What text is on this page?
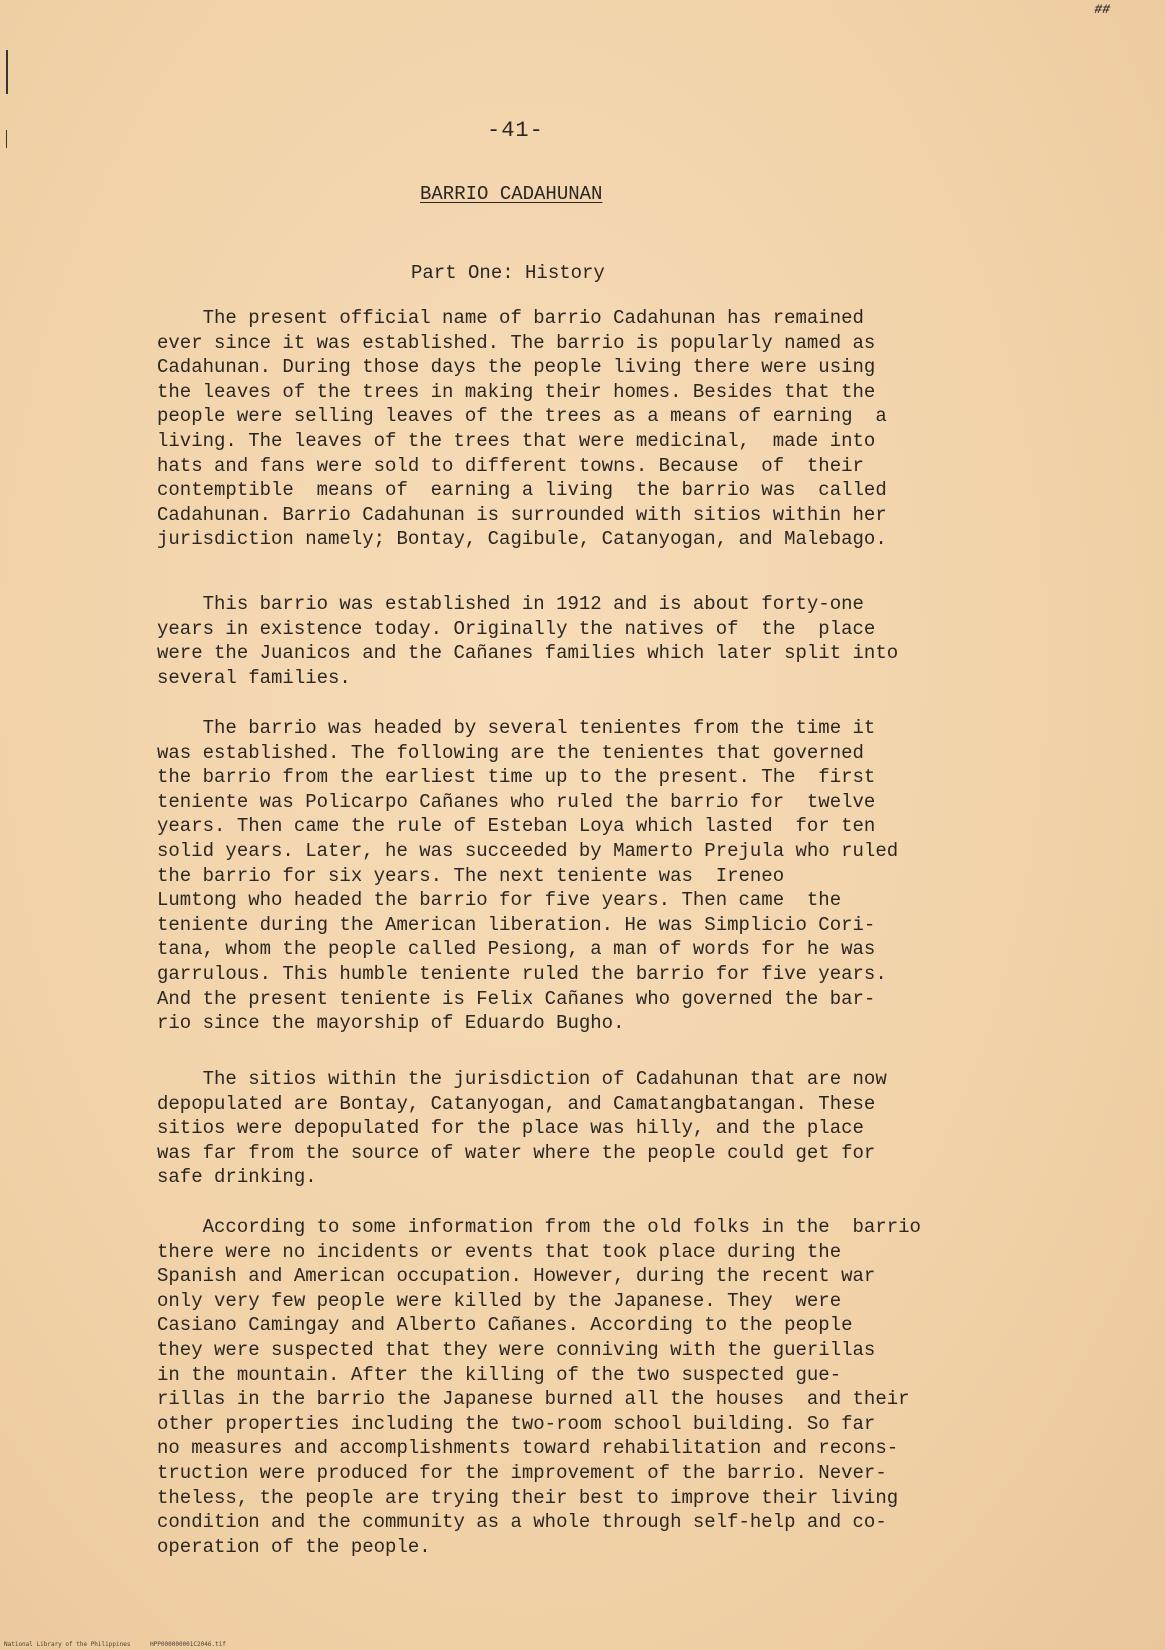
##
-41-
BARRIO CADAHUNAN
Part One: History
The present official name of barrio Cadahunan has remained
ever since it was established. The barrio is popularly named as
Cadahunan. During those days the people living there were using
the leaves of the trees in making their homes. Besides that the
people were selling leaves of the trees as a means of earning  a
living. The leaves of the trees that were medicinal,  made into
hats and fans were sold to different towns. Because  of  their
contemptible  means of  earning a living  the barrio was  called
Cadahunan. Barrio Cadahunan is surrounded with sitios within her
jurisdiction namely; Bontay, Cagibule, Catanyogan, and Malebago.
This barrio was established in 1912 and is about forty-one
years in existence today. Originally the natives of  the  place
were the Juanicos and the Cañanes families which later split into
several families.
The barrio was headed by several tenientes from the time it
was established. The following are the tenientes that governed
the barrio from the earliest time up to the present. The  first
teniente was Policarpo Cañanes who ruled the barrio for  twelve
years. Then came the rule of Esteban Loya which lasted  for ten
solid years. Later, he was succeeded by Mamerto Prejula who ruled
the barrio for six years. The next teniente was  Ireneo
Lumtong who headed the barrio for five years. Then came  the
teniente during the American liberation. He was Simplicio Cori-
tana, whom the people called Pesiong, a man of words for he was
garrulous. This humble teniente ruled the barrio for five years.
And the present teniente is Felix Cañanes who governed the bar-
rio since the mayorship of Eduardo Bugho.
The sitios within the jurisdiction of Cadahunan that are now
depopulated are Bontay, Catanyogan, and Camatangbatangan. These
sitios were depopulated for the place was hilly, and the place
was far from the source of water where the people could get for
safe drinking.
According to some information from the old folks in the  barrio
there were no incidents or events that took place during the
Spanish and American occupation. However, during the recent war
only very few people were killed by the Japanese. They  were
Casiano Camingay and Alberto Cañanes. According to the people
they were suspected that they were conniving with the guerillas
in the mountain. After the killing of the two suspected gue-
rillas in the barrio the Japanese burned all the houses  and their
other properties including the two-room school building. So far
no measures and accomplishments toward rehabilitation and recons-
truction were produced for the improvement of the barrio. Never-
theless, the people are trying their best to improve their living
condition and the community as a whole through self-help and co-
operation of the people.
National Library of the Philippines	HPP000000001C2046.tif
